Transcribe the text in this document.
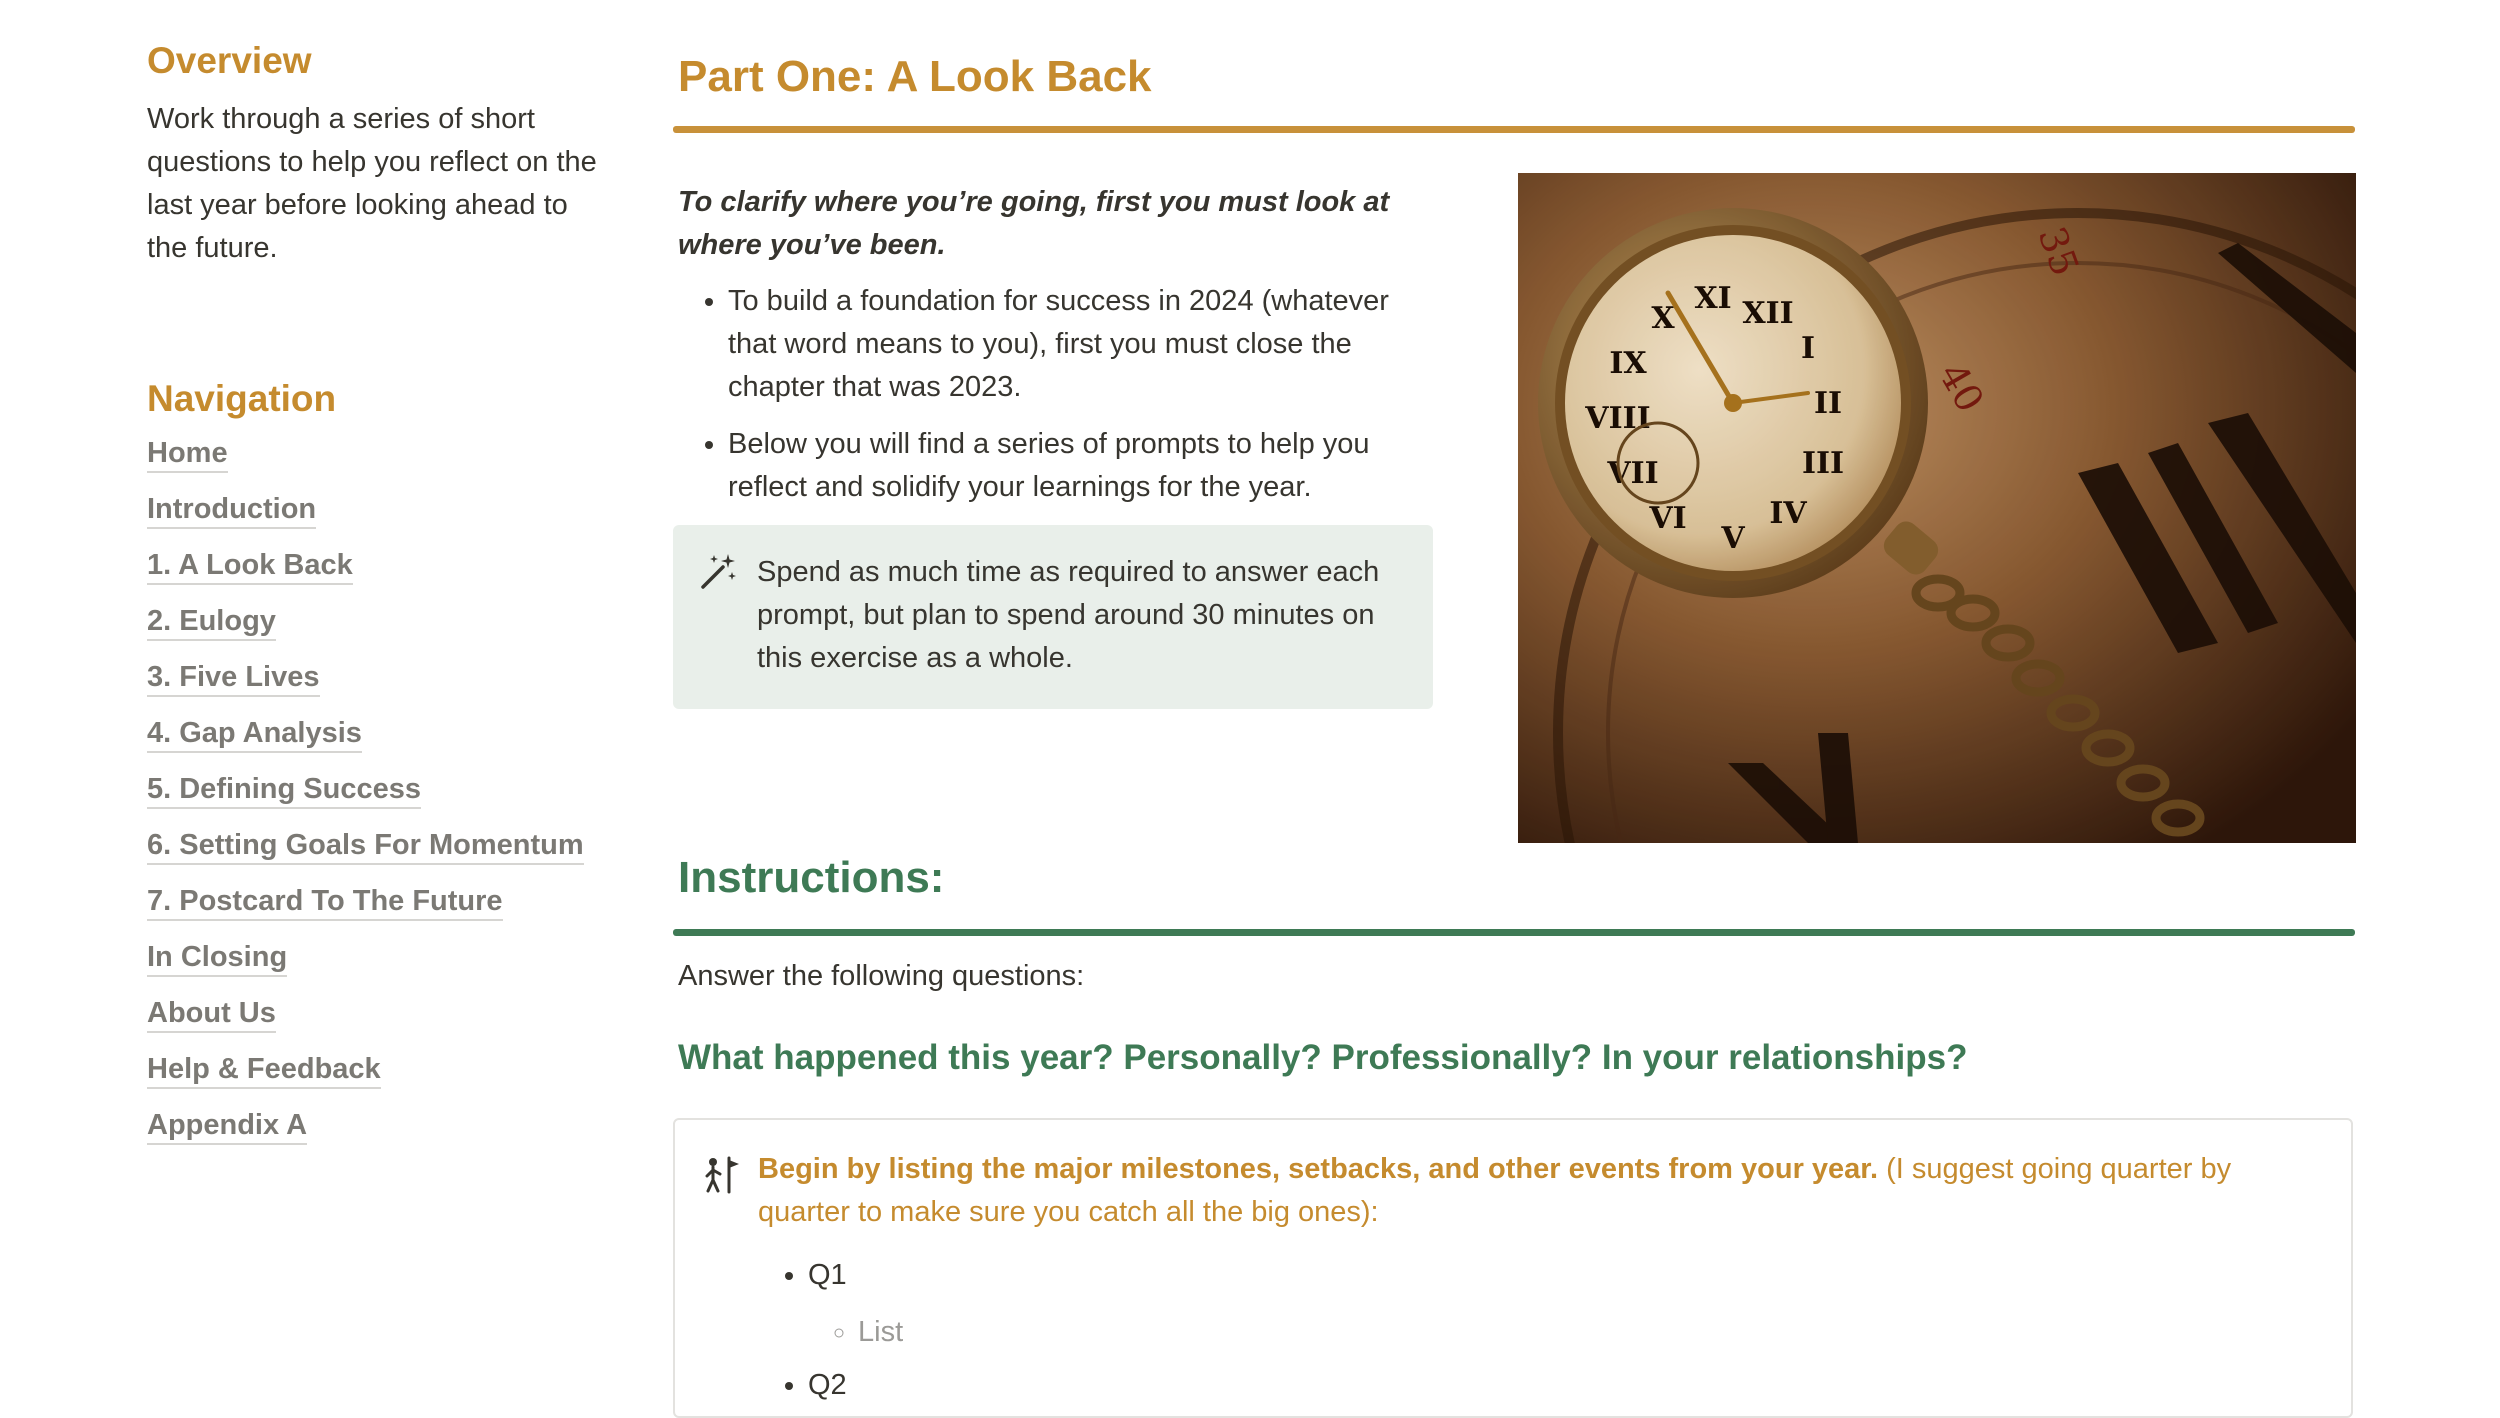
Overview

Work through a series of short questions to help you reflect on the last year before looking ahead to the future.

Navigation
Home
Introduction
1. A Look Back
2. Eulogy
3. Five Lives
4. Gap Analysis
5. Defining Success
6. Setting Goals For Momentum
7. Postcard To The Future
In Closing
About Us
Help & Feedback
Appendix A
Part One: A Look Back

To clarify where you’re going, first you must look at where you’ve been.

• To build a foundation for success in 2024 (whatever that word means to you), first you must close the chapter that was 2023.
• Below you will find a series of prompts to help you reflect and solidify your learnings for the year.

Spend as much time as required to answer each prompt, but plan to spend around 30 minutes on this exercise as a whole.

35
40
XI XII
I
II
III
IV
V
VI
VII
VIII
IX
X
Instructions:

Answer the following questions:

What happened this year? Personally? Professionally? In your relationships?

Begin by listing the major milestones, setbacks, and other events from your year. (I suggest going quarter by quarter to make sure you catch all the big ones):

• Q1
◦ List
• Q2
